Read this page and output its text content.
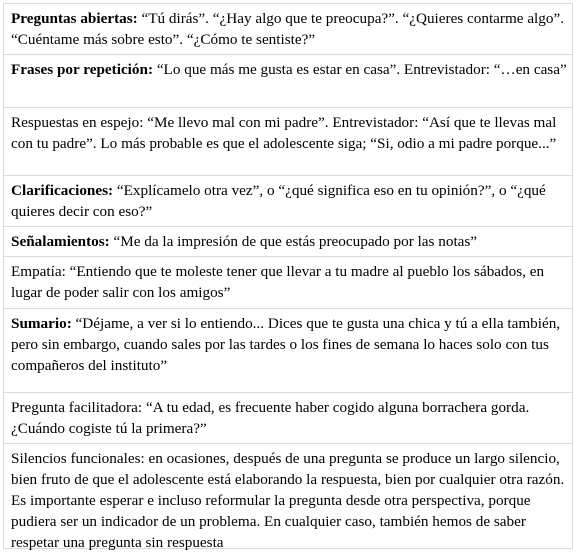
Preguntas abiertas: “Tú dirás”. “¿Hay algo que te preocupa?”. “¿Quieres contarme algo”. “Cuéntame más sobre esto”. “¿Cómo te sentiste?”
Frases por repetición: “Lo que más me gusta es estar en casa”. Entrevistador: “…en casa”
Respuestas en espejo: “Me llevo mal con mi padre”. Entrevistador: “Así que te llevas mal con tu padre”. Lo más probable es que el adolescente siga; “Si, odio a mi padre porque...”
Clarificaciones: “Explícamelo otra vez”, o “¿qué significa eso en tu opinión?”, o “¿qué quieres decir con eso?”
Señalamientos: “Me da la impresión de que estás preocupado por las notas”
Empatía: “Entiendo que te moleste tener que llevar a tu madre al pueblo los sábados, en lugar de poder salir con los amigos”
Sumario: “Déjame, a ver si lo entiendo... Dices que te gusta una chica y tú a ella también, pero sin embargo, cuando sales por las tardes o los fines de semana lo haces solo con tus compañeros del instituto”
Pregunta facilitadora: “A tu edad, es frecuente haber cogido alguna borrachera gorda. ¿Cuándo cogiste tú la primera?”
Silencios funcionales: en ocasiones, después de una pregunta se produce un largo silencio, bien fruto de que el adolescente está elaborando la respuesta, bien por cualquier otra razón. Es importante esperar e incluso reformular la pregunta desde otra perspectiva, porque pudiera ser un indicador de un problema. En cualquier caso, también hemos de saber respetar una pregunta sin respuesta
